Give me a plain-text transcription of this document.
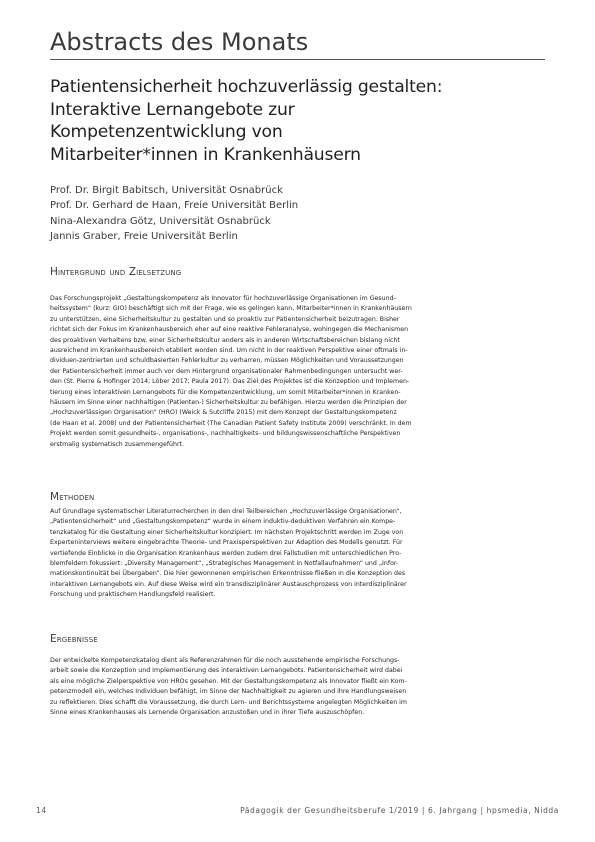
Abstracts des Monats
Patientensicherheit hochzuverlässig gestalten:
Interaktive Lernangebote zur
Kompetenzentwicklung von
Mitarbeiter*innen in Krankenhäusern
Prof. Dr. Birgit Babitsch, Universität Osnabrück
Prof. Dr. Gerhard de Haan, Freie Universität Berlin
Nina-Alexandra Götz, Universität Osnabrück
Jannis Graber, Freie Universität Berlin
Hintergrund und Zielsetzung
Das Forschungsprojekt „Gestaltungskompetenz als Innovator für hochzuverlässige Organisationen im Gesund-
heitssystem“ (kurz: GIO) beschäftigt sich mit der Frage, wie es gelingen kann, Mitarbeiter*innen in Krankenhäusern
zu unterstützen, eine Sicherheitskultur zu gestalten und so proaktiv zur Patientensicherheit beizutragen. Bisher
richtet sich der Fokus im Krankenhausbereich eher auf eine reaktive Fehleranalyse, wohingegen die Mechanismen
des proaktiven Verhaltens bzw. einer Sicherheitskultur anders als in anderen Wirtschaftsbereichen bislang nicht
ausreichend im Krankenhausbereich etabliert worden sind. Um nicht in der reaktiven Perspektive einer oftmals in-
dividuen-zentrierten und schuldbasierten Fehlerkultur zu verharren, müssen Möglichkeiten und Voraussetzungen
der Patientensicherheit immer auch vor dem Hintergrund organisationaler Rahmenbedingungen untersucht wer-
den (St. Pierre & Hofinger 2014; Löber 2017; Paula 2017). Das Ziel des Projektes ist die Konzeption und Implemen-
tierung eines interaktiven Lernangebots für die Kompetenzentwicklung, um somit Mitarbeiter*innen in Kranken-
häusern im Sinne einer nachhaltigen (Patienten-) Sicherheitskultur zu befähigen. Hierzu werden die Prinzipien der
„Hochzuverlässigen Organisation“ (HRO) (Weick & Sutcliffe 2015) mit dem Konzept der Gestaltungskompetenz
(de Haan et al. 2008) und der Patientensicherheit (The Canadian Patient Safety Institute 2009) verschränkt. In dem
Projekt werden somit gesundheits-, organisations-, nachhaltigkeits- und bildungswissenschaftliche Perspektiven
erstmalig systematisch zusammengeführt.
Methoden
Auf Grundlage systematischer Literaturrecherchen in den drei Teilbereichen „Hochzuverlässige Organisationen“,
„Patientensicherheit“ und „Gestaltungskompetenz“ wurde in einem induktiv-deduktiven Verfahren ein Kompe-
tenzkatalog für die Gestaltung einer Sicherheitskultur konzipiert. Im nächsten Projektschritt werden im Zuge von
Experteninterviews weitere eingebrachte Theorie- und Praxisperspektiven zur Adaption des Modells genutzt. Für
vertiefende Einblicke in die Organisation Krankenhaus werden zudem drei Fallstudien mit unterschiedlichen Pro-
blemfeldern fokussiert: „Diversity Management“, „Strategisches Management in Notfallaufnahmen“ und „Infor-
mationskontinuität bei Übergaben“. Die hier gewonnenen empirischen Erkenntnisse fließen in die Konzeption des
interaktiven Lernangebots ein. Auf diese Weise wird ein transdisziplinärer Austauschprozess von interdisziplinärer
Forschung und praktischem Handlungsfeld realisiert.
Ergebnisse
Der entwickelte Kompetenzkatalog dient als Referenzrahmen für die noch ausstehende empirische Forschungs-
arbeit sowie die Konzeption und Implementierung des interaktiven Lernangebots. Patientensicherheit wird dabei
als eine mögliche Zielperspektive von HROs gesehen. Mit der Gestaltungskompetenz als Innovator fließt ein Kom-
petenzmodell ein, welches Individuen befähigt, im Sinne der Nachhaltigkeit zu agieren und ihre Handlungsweisen
zu reflektieren. Dies schafft die Voraussetzung, die durch Lern- und Berichtssysteme angelegten Möglichkeiten im
Sinne eines Krankenhauses als Lernende Organisation anzustoßen und in ihrer Tiefe auszuschöpfen.
14	Pädagogik der Gesundheitsberufe 1/2019 | 6. Jahrgang | hpsmedia, Nidda
